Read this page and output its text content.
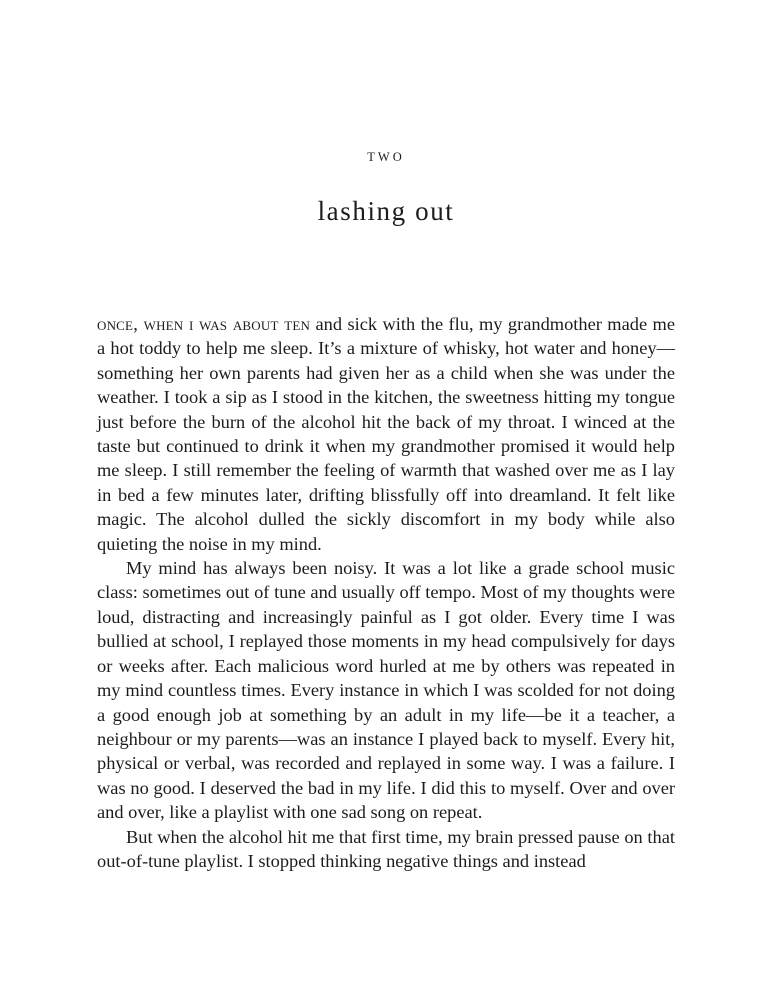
TWO
lashing out

once, when i was about ten and sick with the flu, my grandmother made me a hot toddy to help me sleep. It’s a mixture of whisky, hot water and honey—something her own parents had given her as a child when she was under the weather. I took a sip as I stood in the kitchen, the sweetness hitting my tongue just before the burn of the alcohol hit the back of my throat. I winced at the taste but continued to drink it when my grandmother promised it would help me sleep. I still remember the feeling of warmth that washed over me as I lay in bed a few minutes later, drifting blissfully off into dreamland. It felt like magic. The alcohol dulled the sickly discomfort in my body while also quieting the noise in my mind.

My mind has always been noisy. It was a lot like a grade school music class: sometimes out of tune and usually off tempo. Most of my thoughts were loud, distracting and increasingly painful as I got older. Every time I was bullied at school, I replayed those moments in my head compulsively for days or weeks after. Each malicious word hurled at me by others was repeated in my mind countless times. Every instance in which I was scolded for not doing a good enough job at something by an adult in my life—be it a teacher, a neighbour or my parents—was an instance I played back to myself. Every hit, physical or verbal, was recorded and replayed in some way. I was a failure. I was no good. I deserved the bad in my life. I did this to myself. Over and over and over, like a playlist with one sad song on repeat.

But when the alcohol hit me that first time, my brain pressed pause on that out-of-tune playlist. I stopped thinking negative things and instead
